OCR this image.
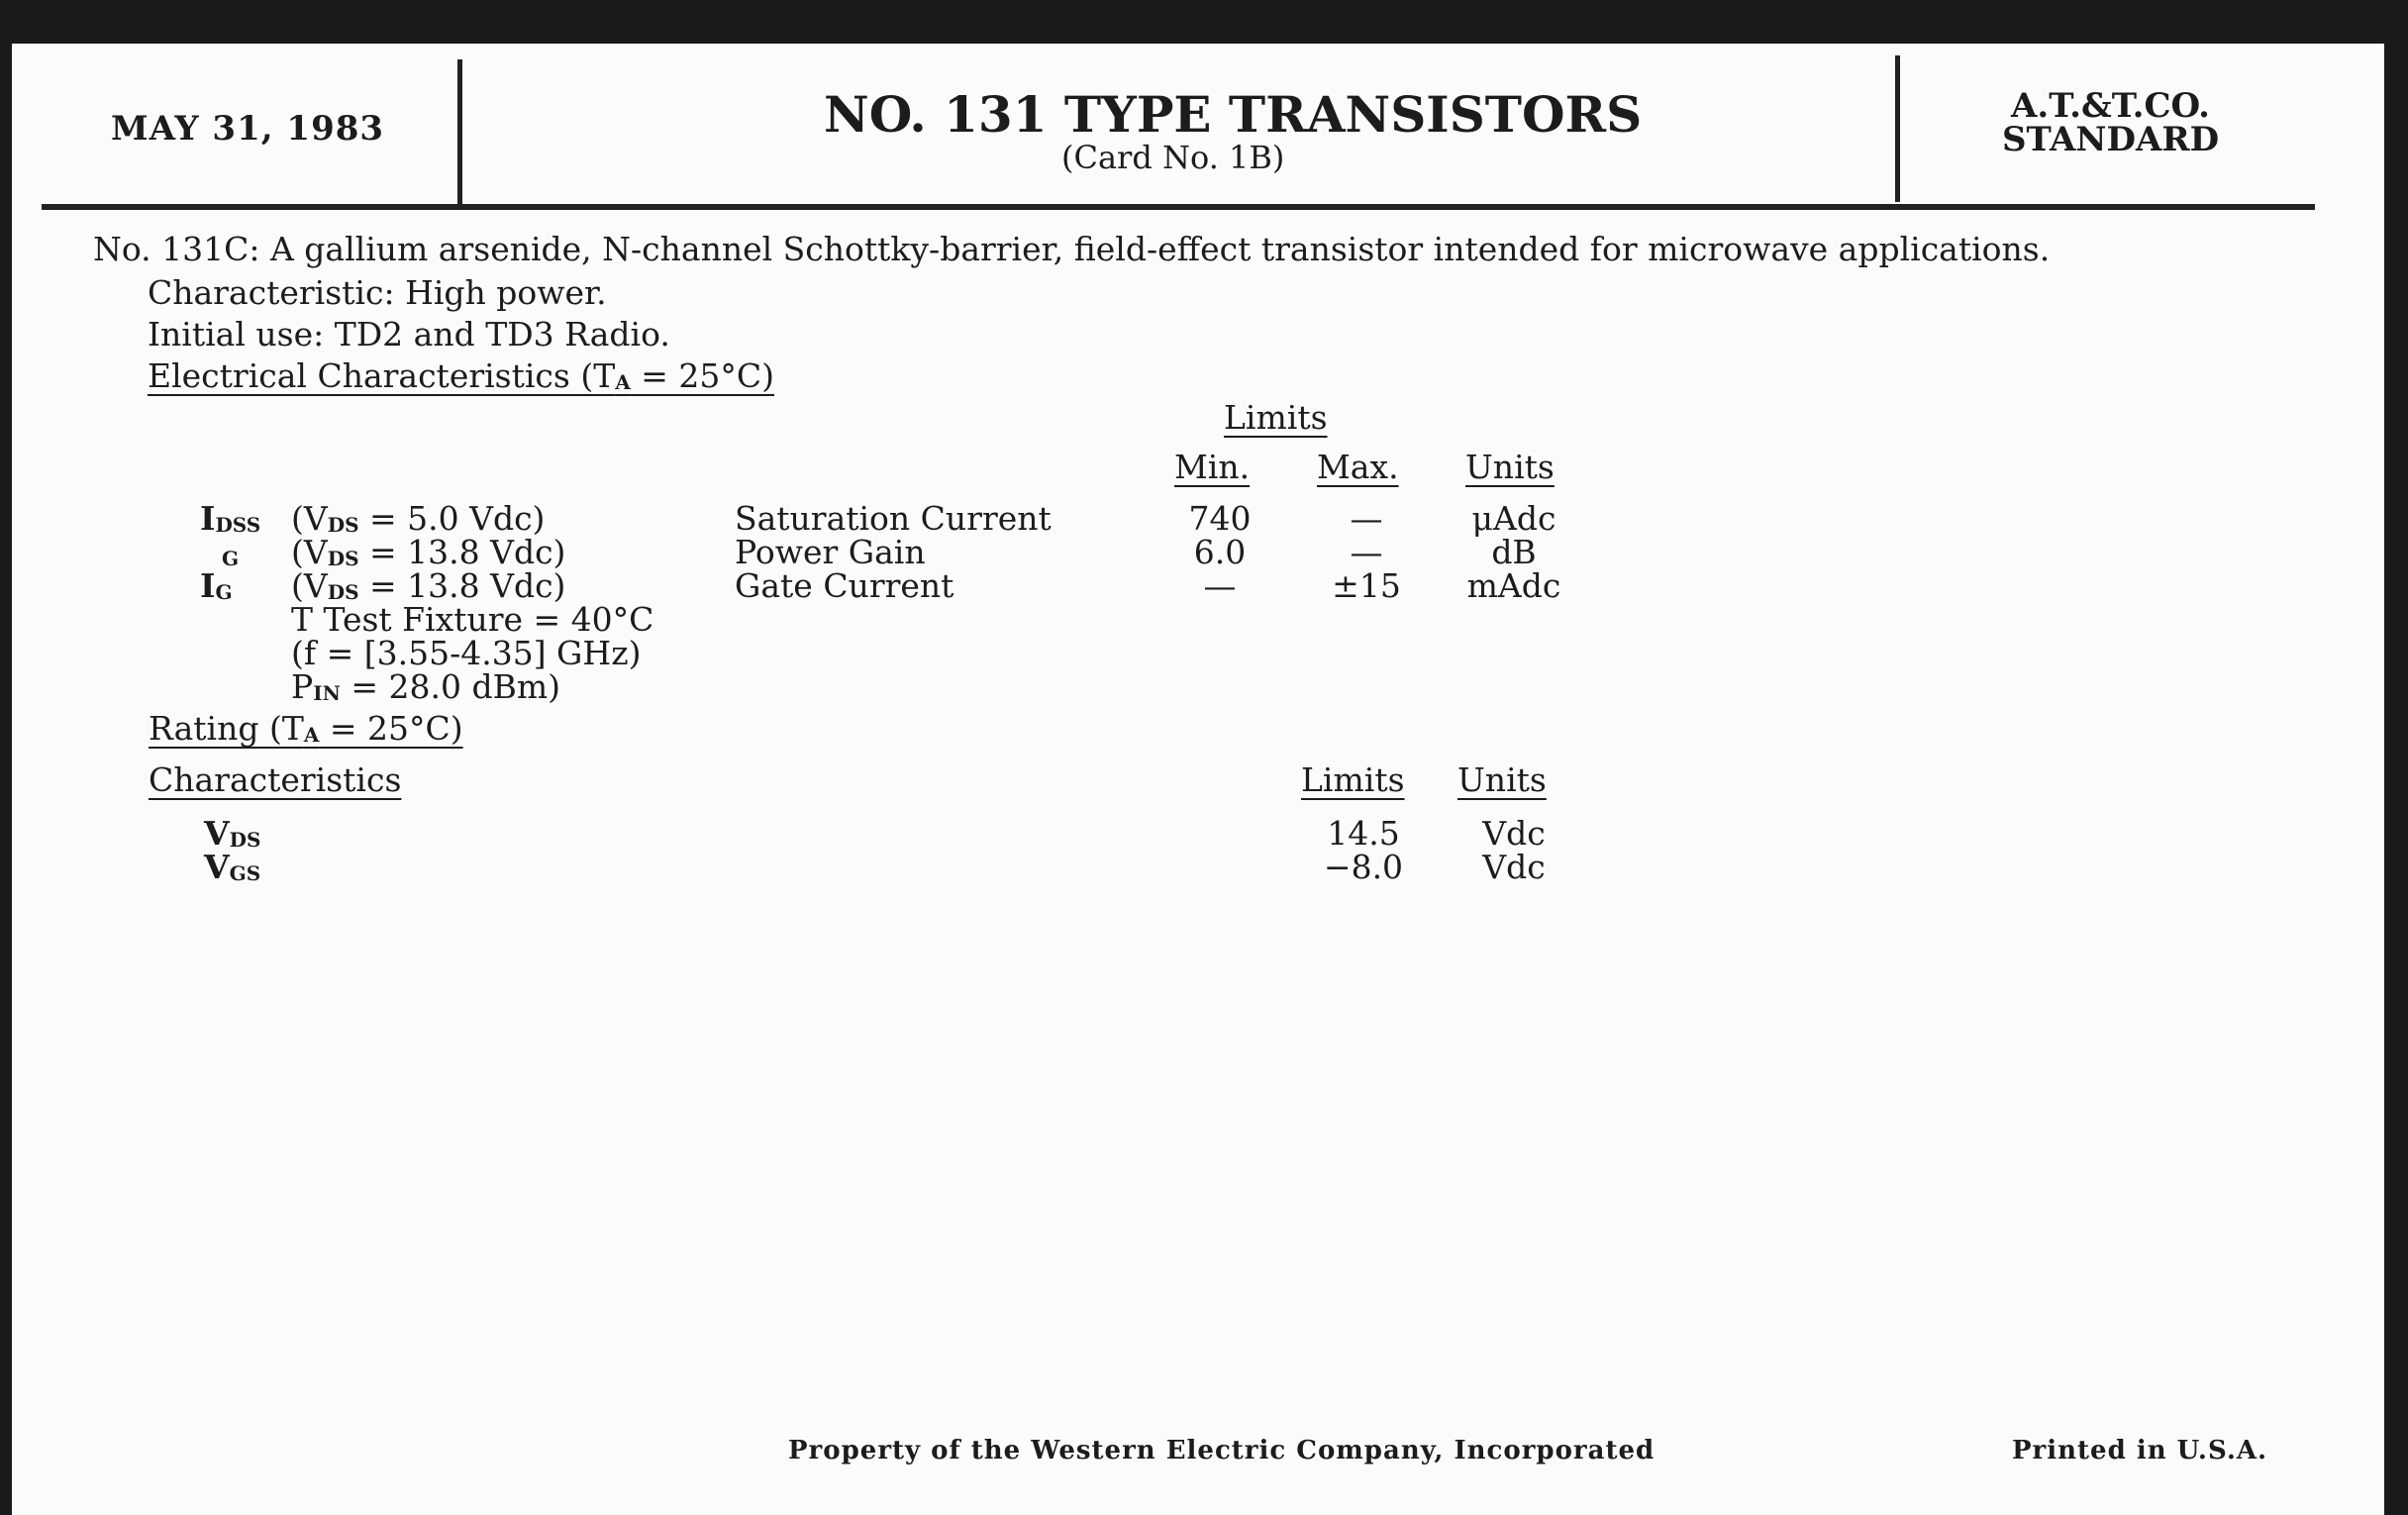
MAY 31, 1983	NO. 131 TYPE TRANSISTORS
(Card No. 1B)
A.T.&T.CO.
STANDARD
No. 131C: A gallium arsenide, N-channel Schottky-barrier, field-effect transistor intended for microwave applications.
Characteristic: High power.
Initial use: TD2 and TD3 Radio.
Electrical Characteristics $(T_A = 25^\circ C)$
Limits
Min. Max. Units
$I_{DSS}$ ($V_{DS} = 5.0$ Vdc)	Saturation Current	740	—	μAdc
$_G$ ($V_{DS} = 13.8$ Vdc)	Power Gain	6.0	—	dB
$I_G$ ($V_{DS} = 13.8$ Vdc)	Gate Current	—	±15	mAdc
T Test Fixture = 40°C
(f = [3.55-4.35] GHz)
$P_{IN} = 28.0$ dBm)
Rating $(T_A = 25^\circ C)$
Characteristics	Limits Units
$V_{DS}$	14.5	Vdc
$V_{GS}$	−8.0	Vdc
Property of the Western Electric Company, Incorporated	Printed in U.S.A.
